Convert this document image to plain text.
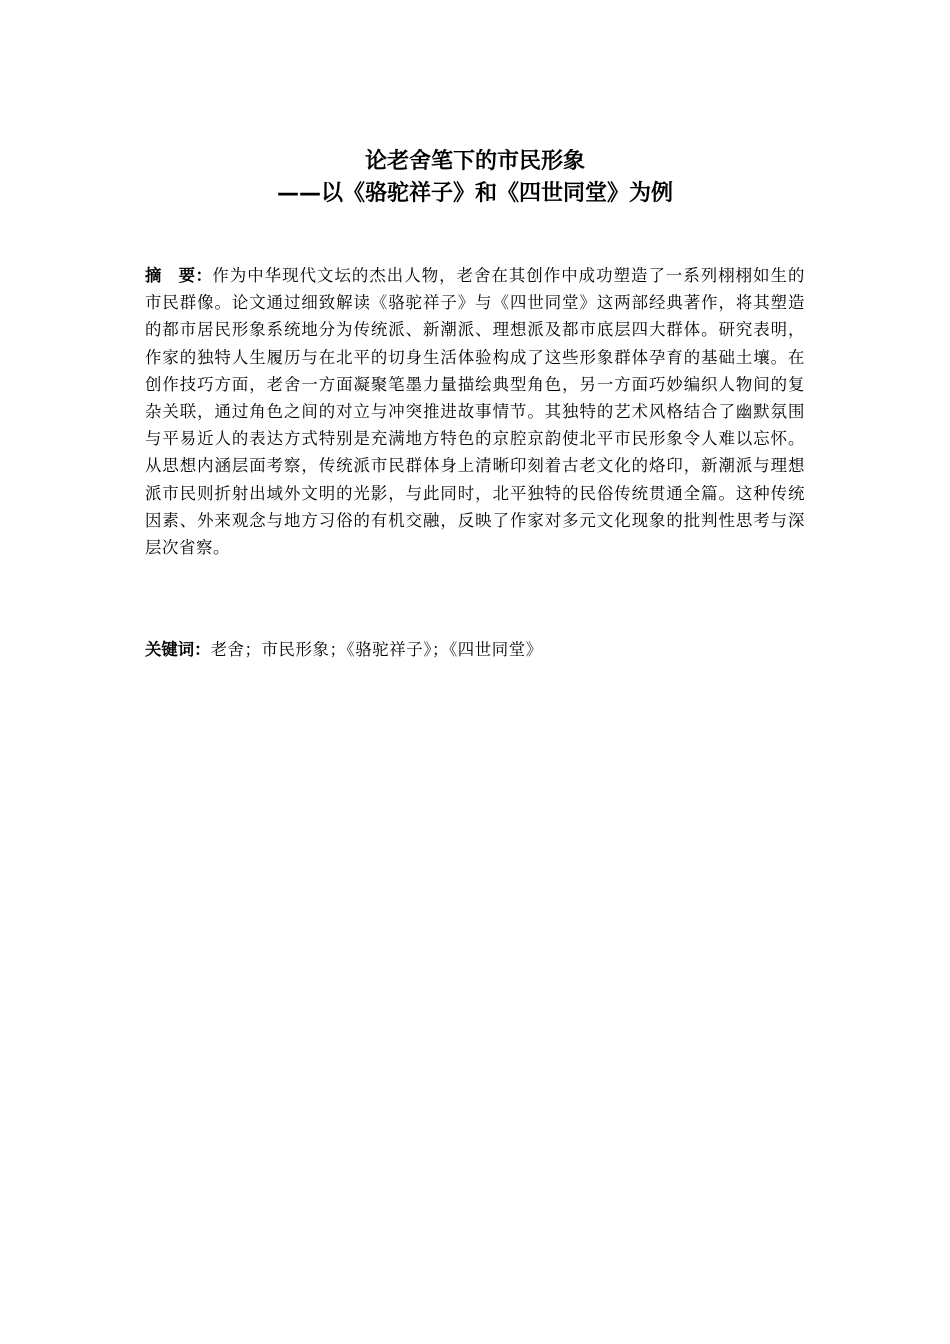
论老舍笔下的市民形象
——以《骆驼祥子》和《四世同堂》为例
摘　要：作为中华现代文坛的杰出人物，老舍在其创作中成功塑造了一系列栩栩如生的市民群像。论文通过细致解读《骆驼祥子》与《四世同堂》这两部经典著作，将其塑造的都市居民形象系统地分为传统派、新潮派、理想派及都市底层四大群体。研究表明，作家的独特人生履历与在北平的切身生活体验构成了这些形象群体孕育的基础土壤。在创作技巧方面，老舍一方面凝聚笔墨力量描绘典型角色，另一方面巧妙编织人物间的复杂关联，通过角色之间的对立与冲突推进故事情节。其独特的艺术风格结合了幽默氛围与平易近人的表达方式特别是充满地方特色的京腔京韵使北平市民形象令人难以忘怀。从思想内涵层面考察，传统派市民群体身上清晰印刻着古老文化的烙印，新潮派与理想派市民则折射出域外文明的光影，与此同时，北平独特的民俗传统贯通全篇。这种传统因素、外来观念与地方习俗的有机交融，反映了作家对多元文化现象的批判性思考与深层次省察。
关键词：老舍；市民形象；《骆驼祥子》；《四世同堂》
